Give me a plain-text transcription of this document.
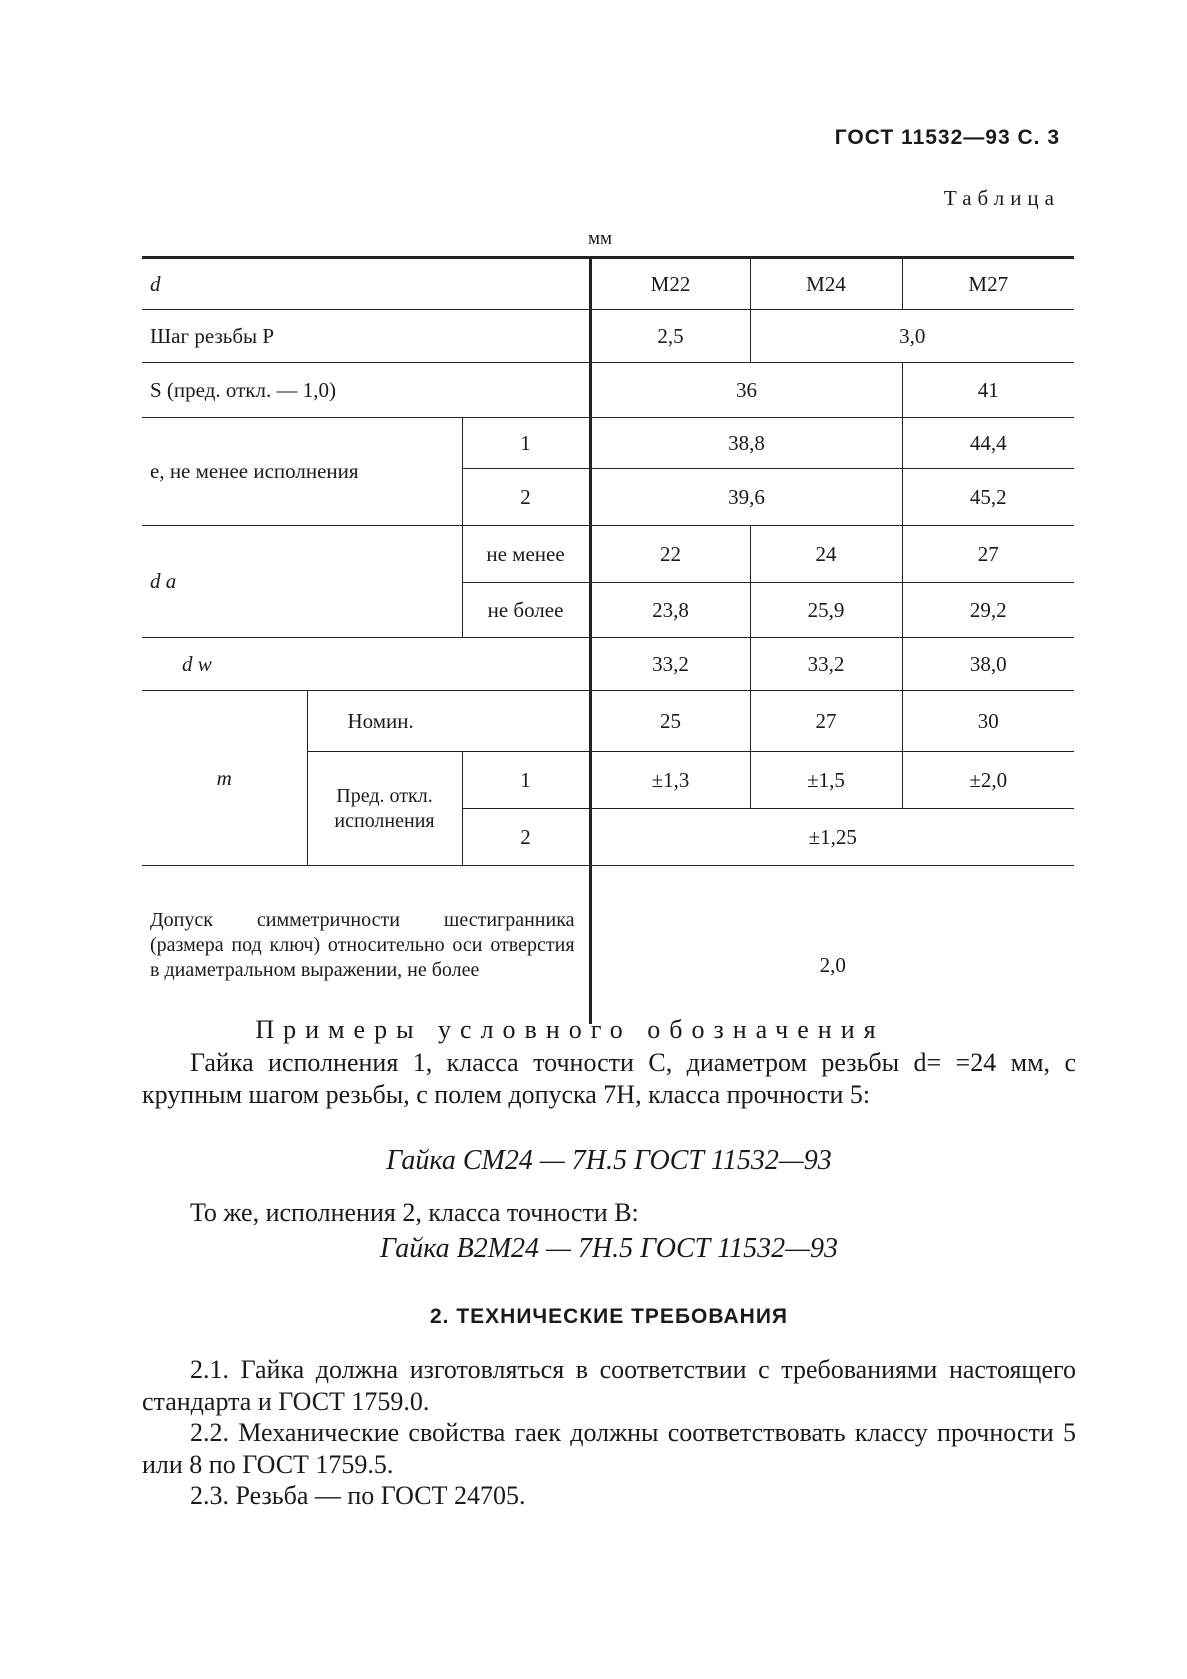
ГОСТ 11532—93 С. 3
Таблица
мм
d			М22	М24	М27
Шаг резьбы Р			2,5	3,0	
S (пред. откл. — 1,0)			36		41
e, не менее исполнения		1	38,8		44,4
		2	39,6		45,2
d a		не менее	22	24	27
		не более	23,8	25,9	29,2
d w			33,2	33,2	38,0
m	Номин.		25	27	30
	Пред. откл. исполнения	1	±1,3	±1,5	±2,0
		2	±1,25		
Допуск симметричности шестигранника (размера под ключ) относительно оси отверстия в диаметральном выражении, не более			2,0		
Примеры условного обозначения
Гайка исполнения 1, класса точности С, диаметром резьбы d= =24 мм, с крупным шагом резьбы, с полем допуска 7H, класса прочности 5:
Гайка СМ24 — 7Н.5 ГОСТ 11532—93
То же, исполнения 2, класса точности В:
Гайка В2М24 — 7Н.5 ГОСТ 11532—93
2. ТЕХНИЧЕСКИЕ ТРЕБОВАНИЯ
2.1. Гайка должна изготовляться в соответствии с требованиями настоящего стандарта и ГОСТ 1759.0.
2.2. Механические свойства гаек должны соответствовать классу прочности 5 или 8 по ГОСТ 1759.5.
2.3. Резьба — по ГОСТ 24705.
